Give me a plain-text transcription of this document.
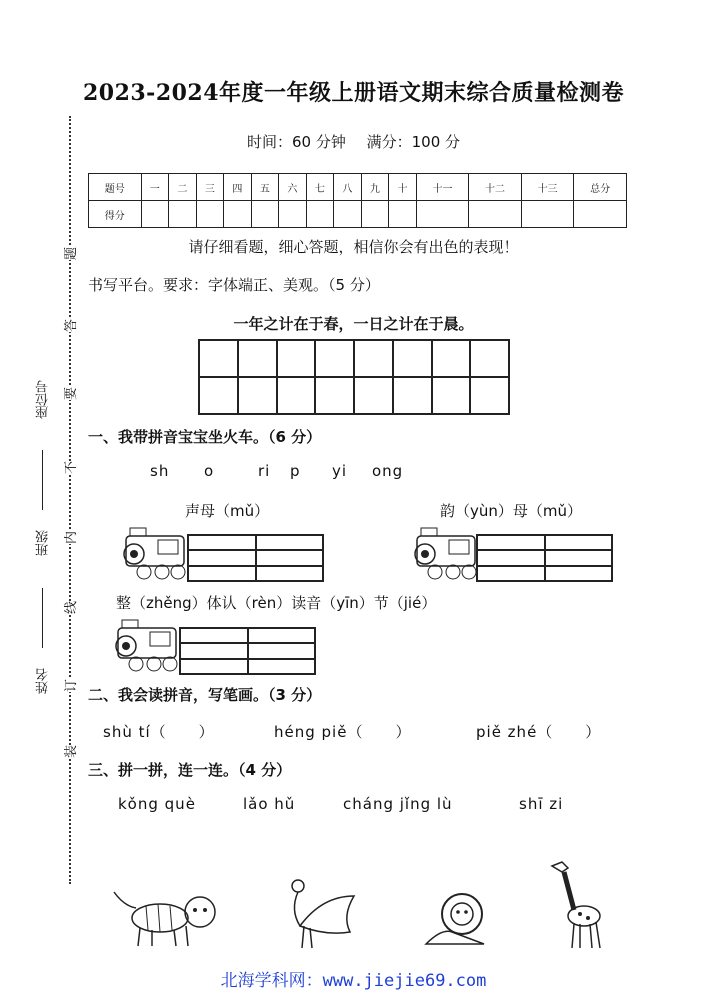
2023-2024年度一年级上册语文期末综合质量检测卷
时间：60 分钟 满分：100 分
题号	一	二	三	四	五	六	七	八	九	十	十一	十二	十三	总分
得分														
请仔细看题，细心答题，相信你会有出色的表现！
书写平台。要求：字体端正、美观。（5 分）
一年之计在于春，一日之计在于晨。
一、我带拼音宝宝坐火车。（6 分）
sh o	ri p yi ong
声母（mǔ）	韵（yùn）母（mǔ）
整（zhěng）体认（rèn）读音（yīn）节（jié）
二、我会读拼音，写笔画。（3 分）
shù tí（　　）	héng piě（　　）	piě zhé（　　）
三、拼一拼，连一连。（4 分）
kǒng què	lǎo hǔ	cháng jǐng lù	shī zi
座位号
班级
姓名
装
订
线
内
不
要
答
题
北海学科网：www.jiejie69.com
